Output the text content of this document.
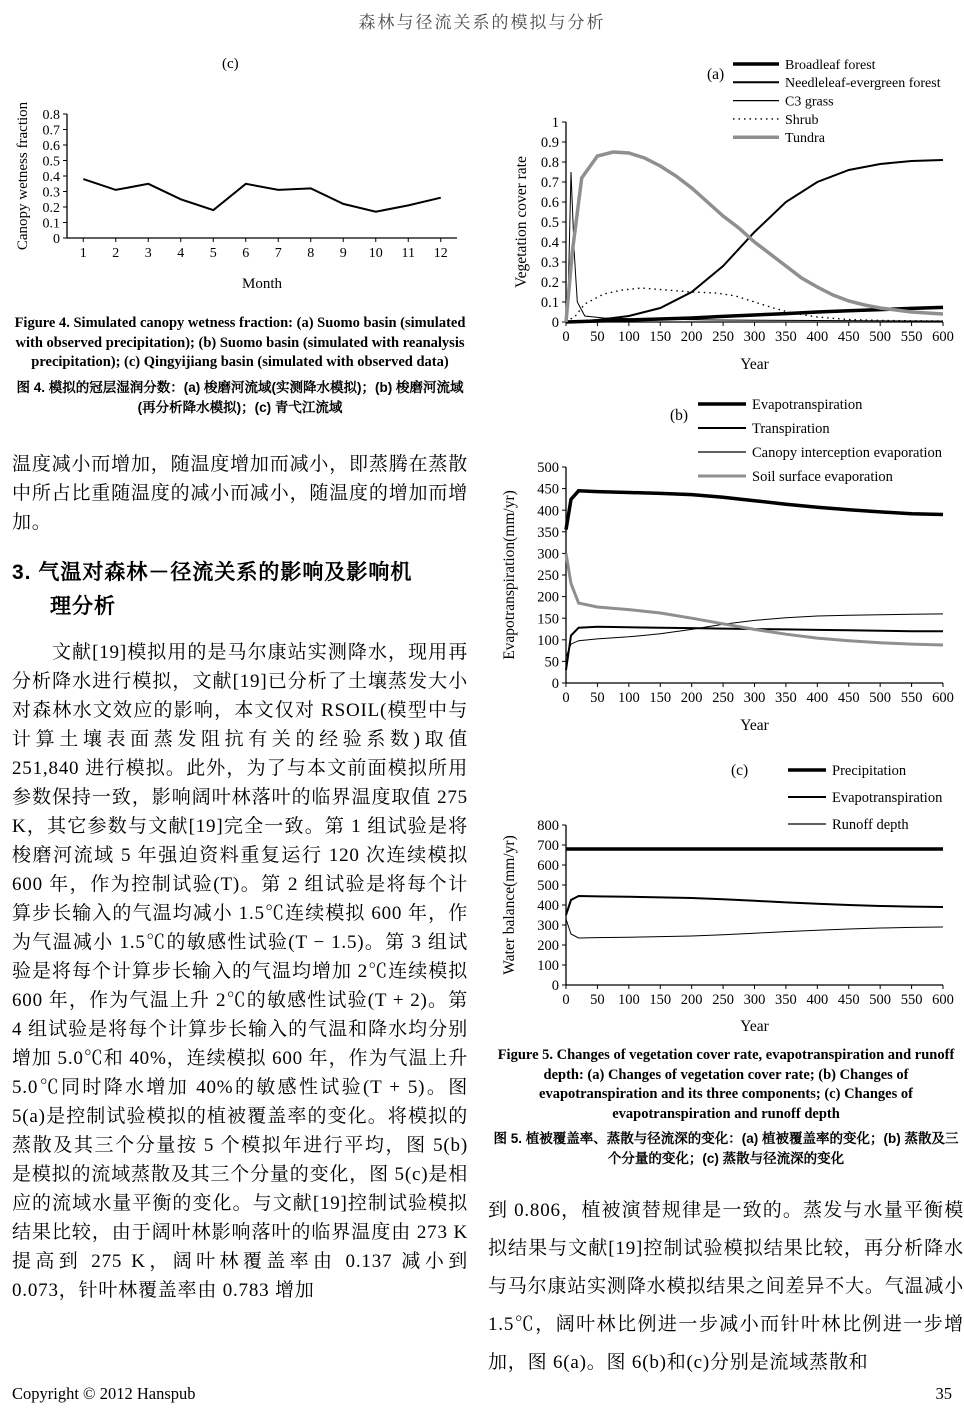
森林与径流关系的模拟与分析
1 2 3 4 5 6 7 8 9 10 11 12
0
0.1
0.2
0.3
0.4
0.5
0.6
0.7
0.8
Month
Canopy wetness fraction
(c)
Figure 4. Simulated canopy wetness fraction: (a) Suomo basin (simulated with observed precipitation); (b) Suomo basin (simulated with reanalysis precipitation); (c) Qingyijiang basin (simulated with observed data)
图 4. 模拟的冠层湿润分数：(a) 梭磨河流域(实测降水模拟)；(b) 梭磨河流域(再分析降水模拟)；(c) 青弋江流域
温度减小而增加，随温度增加而减小，即蒸腾在蒸散中所占比重随温度的减小而减小，随温度的增加而增加。
3. 气温对森林－径流关系的影响及影响机理分析
文献[19]模拟用的是马尔康站实测降水，现用再分析降水进行模拟，文献[19]已分析了土壤蒸发大小对森林水文效应的影响，本文仅对 RSOIL(模型中与计算土壤表面蒸发阻抗有关的经验系数)取值 251,840 进行模拟。此外，为了与本文前面模拟所用参数保持一致，影响阔叶林落叶的临界温度取值 275 K，其它参数与文献[19]完全一致。第 1 组试验是将梭磨河流域 5 年强迫资料重复运行 120 次连续模拟 600 年，作为控制试验(T)。第 2 组试验是将每个计算步长输入的气温均减小 1.5℃连续模拟 600 年，作为气温减小 1.5℃的敏感性试验(T − 1.5)。第 3 组试验是将每个计算步长输入的气温均增加 2℃连续模拟 600 年，作为气温上升 2℃的敏感性试验(T + 2)。第 4 组试验是将每个计算步长输入的气温和降水均分别增加 5.0℃和 40%，连续模拟 600 年，作为气温上升 5.0℃同时降水增加 40%的敏感性试验(T + 5)。图 5(a)是控制试验模拟的植被覆盖率的变化。将模拟的蒸散及其三个分量按 5 个模拟年进行平均，图 5(b)是模拟的流域蒸散及其三个分量的变化，图 5(c)是相应的流域水量平衡的变化。与文献[19]控制试验模拟结果比较，由于阔叶林影响落叶的临界温度由 273 K 提高到 275 K，阔叶林覆盖率由 0.137 减小到 0.073，针叶林覆盖率由 0.783 增加
0 50 100 150 200 250 300 350 400 450 500 550 600
0
0.1
0.2
0.3
0.4
0.5
0.6
0.7
0.8
0.9
1
Year
Vegetation cover rate
(a)
Broadleaf forest
Needleleaf-evergreen forest
C3 grass
Shrub
Tundra
0 50 100 150 200 250 300 350 400 450 500 550 600
0
50
100
150
200
250
300
350
400
450
500
Year
Evapotranspiration(mm/yr)
(b)
Evapotranspiration
Transpiration
Canopy interception evaporation
Soil surface evaporation
0 50 100 150 200 250 300 350 400 450 500 550 600
0
100
200
300
400
500
600
700
800
Year
Water balance(mm/yr)
(c)	Precipitation
Evapotranspiration
Runoff depth
Figure 5. Changes of vegetation cover rate, evapotranspiration and runoff depth: (a) Changes of vegetation cover rate; (b) Changes of evapotranspiration and its three components; (c) Changes of evapotranspiration and runoff depth
图 5. 植被覆盖率、蒸散与径流深的变化：(a) 植被覆盖率的变化；(b) 蒸散及三个分量的变化；(c) 蒸散与径流深的变化
到 0.806，植被演替规律是一致的。蒸发与水量平衡模拟结果与文献[19]控制试验模拟结果比较，再分析降水与马尔康站实测降水模拟结果之间差异不大。气温减小 1.5℃，阔叶林比例进一步减小而针叶林比例进一步增加，图 6(a)。图 6(b)和(c)分别是流域蒸散和
Copyright © 2012 Hanspub	35
